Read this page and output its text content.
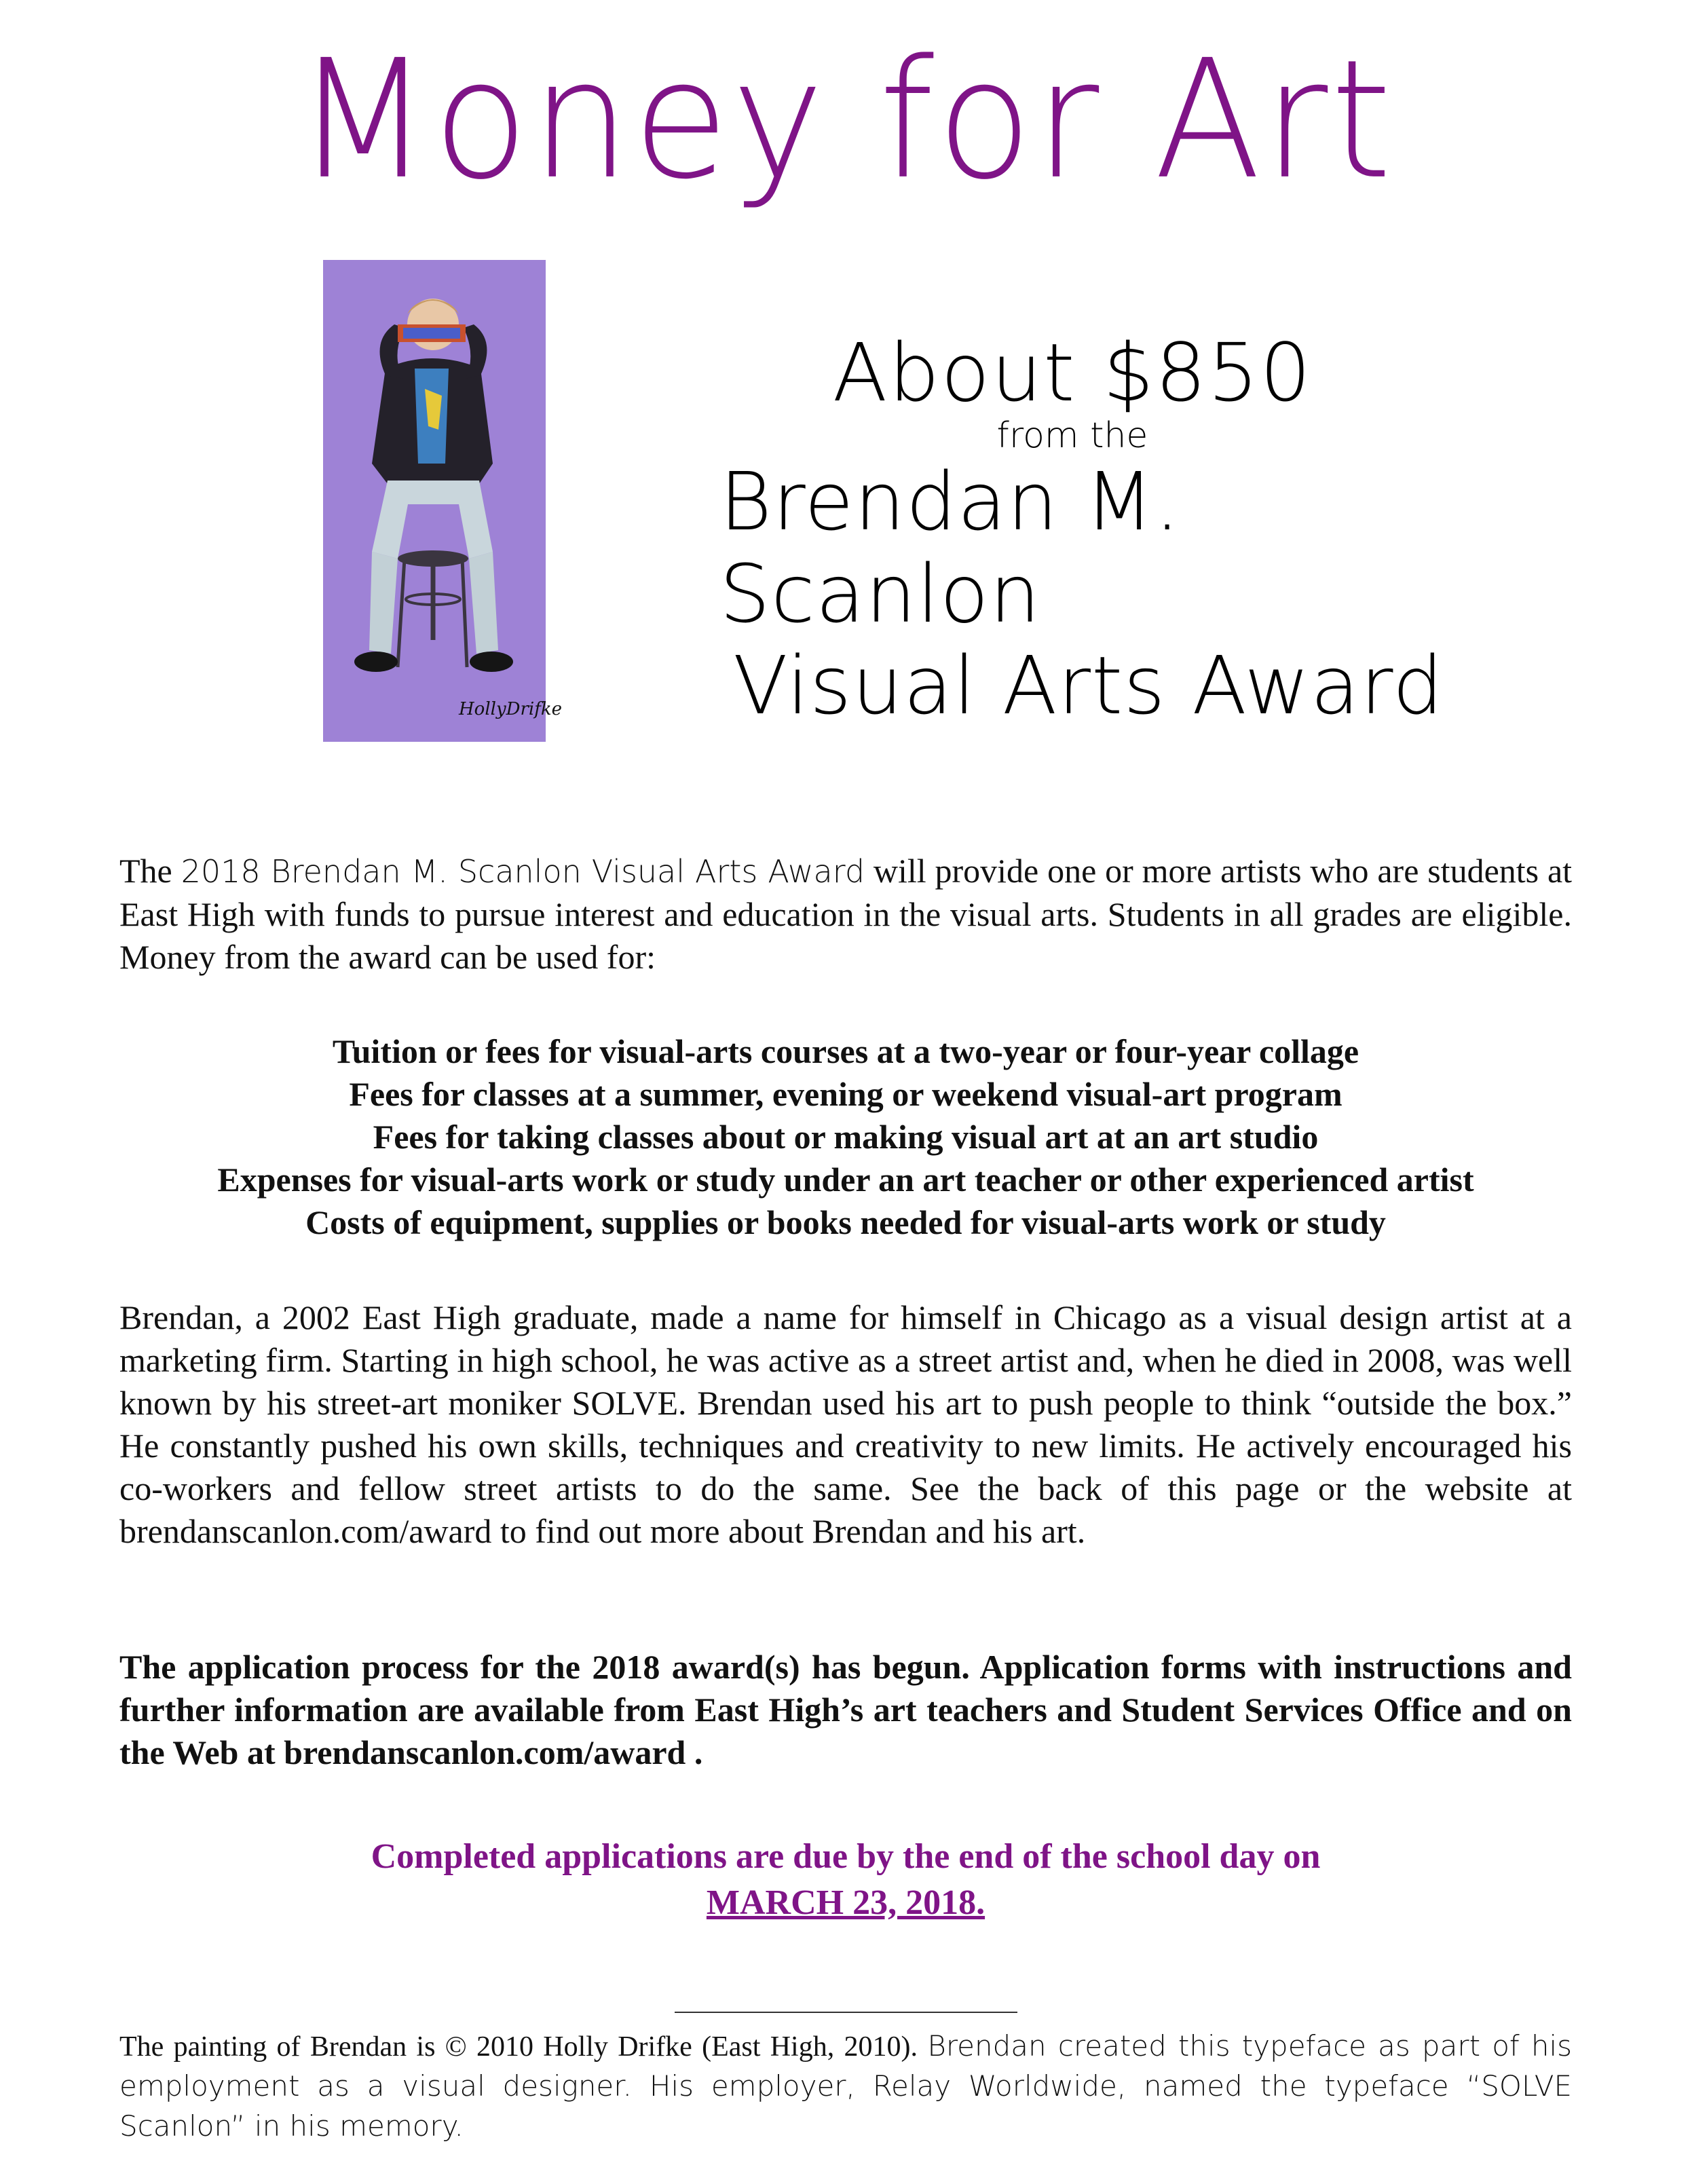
Money for Art
HollyDrifke
About $850
from the
Brendan M. Scanlon
Visual Arts Award
The 2018 Brendan M. Scanlon Visual Arts Award will provide one or more artists who are students at East High with funds to pursue interest and education in the visual arts. Students in all grades are eligible. Money from the award can be used for:
Tuition or fees for visual-arts courses at a two-year or four-year collage
Fees for classes at a summer, evening or weekend visual-art program
Fees for taking classes about or making visual art at an art studio
Expenses for visual-arts work or study under an art teacher or other experienced artist
Costs of equipment, supplies or books needed for visual-arts work or study
Brendan, a 2002 East High graduate, made a name for himself in Chicago as a visual design artist at a marketing firm. Starting in high school, he was active as a street artist and, when he died in 2008, was well known by his street-art moniker SOLVE. Brendan used his art to push people to think “outside the box.” He constantly pushed his own skills, techniques and creativity to new limits. He actively encouraged his co-workers and fellow street artists to do the same. See the back of this page or the website at brendanscanlon.com/award to find out more about Brendan and his art.
The application process for the 2018 award(s) has begun. Application forms with instructions and further information are available from East High’s art teachers and Student Services Office and on the Web at brendanscanlon.com/award .
Completed applications are due by the end of the school day on
MARCH 23, 2018.
The painting of Brendan is © 2010 Holly Drifke (East High, 2010). Brendan created this typeface as part of his employment as a visual designer. His employer, Relay Worldwide, named the typeface “SOLVE Scanlon” in his memory.
